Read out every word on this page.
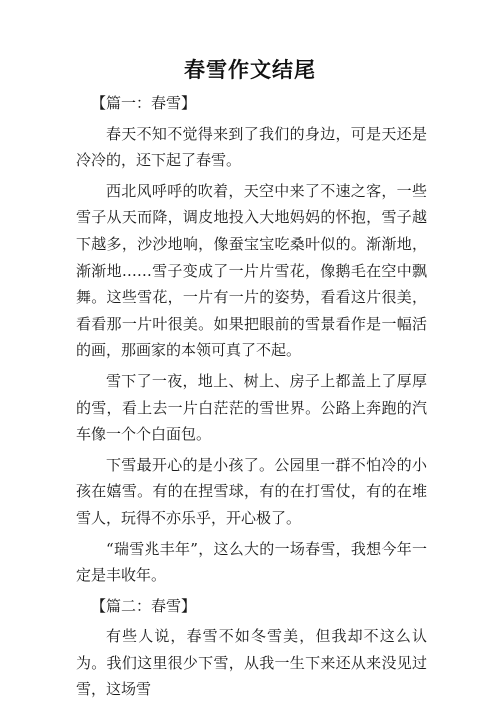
春雪作文结尾

【篇一：春雪】

春天不知不觉得来到了我们的身边，可是天还是冷冷的，还下起了春雪。

西北风呼呼的吹着，天空中来了不速之客，一些雪子从天而降，调皮地投入大地妈妈的怀抱，雪子越下越多，沙沙地响，像蚕宝宝吃桑叶似的。渐渐地，渐渐地……雪子变成了一片片雪花，像鹅毛在空中飘舞。这些雪花，一片有一片的姿势，看看这片很美，看看那一片叶很美。如果把眼前的雪景看作是一幅活的画，那画家的本领可真了不起。

雪下了一夜，地上、树上、房子上都盖上了厚厚的雪，看上去一片白茫茫的雪世界。公路上奔跑的汽车像一个个白面包。

下雪最开心的是小孩了。公园里一群不怕冷的小孩在嬉雪。有的在捏雪球，有的在打雪仗，有的在堆雪人，玩得不亦乐乎，开心极了。

“瑞雪兆丰年”，这么大的一场春雪，我想今年一定是丰收年。

【篇二：春雪】

有些人说，春雪不如冬雪美，但我却不这么认为。我们这里很少下雪，从我一生下来还从来没见过雪，这场雪
